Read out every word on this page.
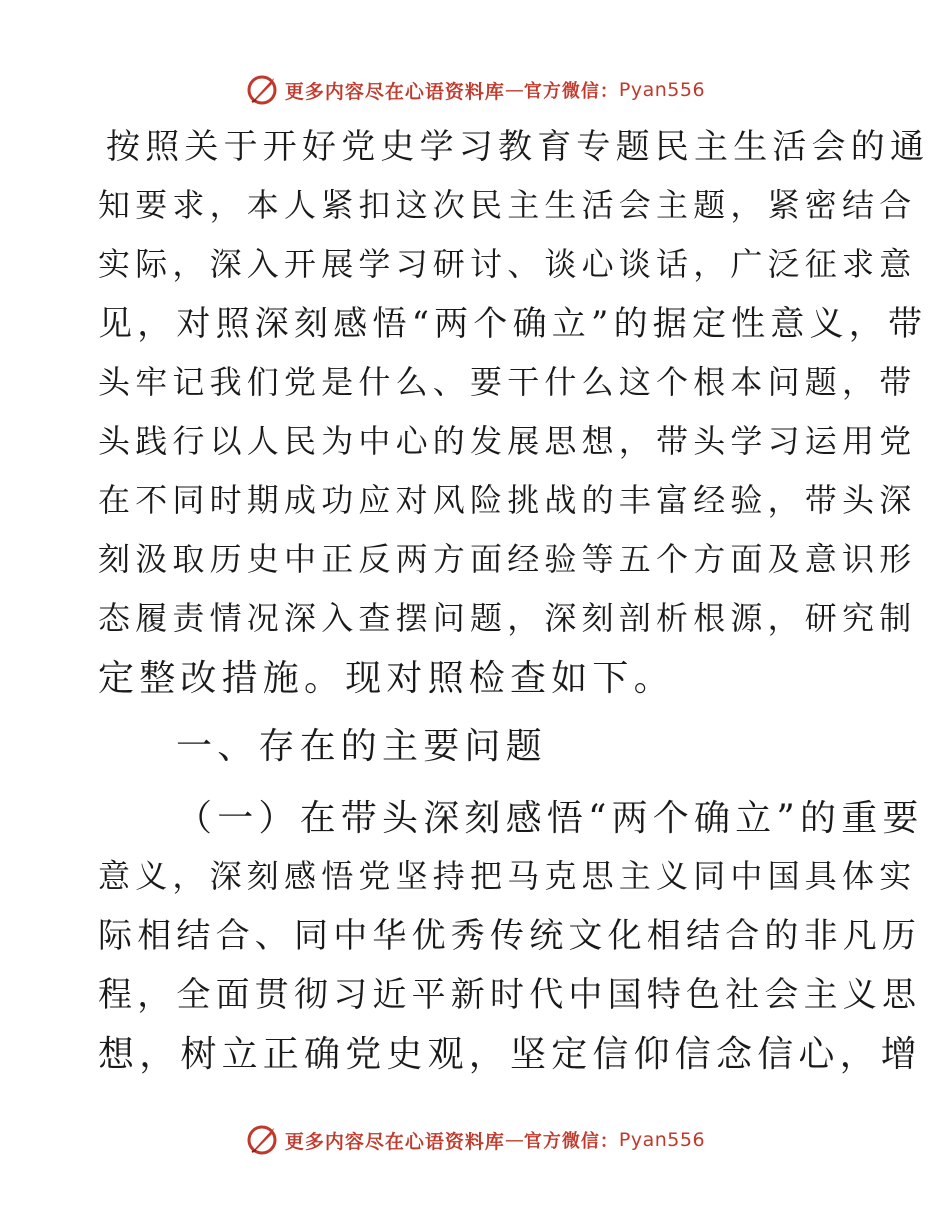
更多内容尽在心语资料库 — 官方微信： Pyan556
按照关于开好党史学习教育专题民主生活会的通
知要求，本人紧扣这次民主生活会主题，紧密结合
实际，深入开展学习研讨、谈心谈话，广泛征求意
见，对照深刻感悟“两个确立”的据定性意义，带
头牢记我们党是什么、要干什么这个根本问题，带
头践行以人民为中心的发展思想，带头学习运用党
在不同时期成功应对风险挑战的丰富经验，带头深
刻汲取历史中正反两方面经验等五个方面及意识形
态履责情况深入查摆问题，深刻剖析根源，研究制
定整改措施。现对照检查如下。
一、存在的主要问题
（一）在带头深刻感悟“两个确立”的重要
意义，深刻感悟党坚持把马克思主义同中国具体实
际相结合、同中华优秀传统文化相结合的非凡历
程，全面贯彻习近平新时代中国特色社会主义思
想，树立正确党史观，坚定信仰信念信心，增
更多内容尽在心语资料库 — 官方微信： Pyan556
